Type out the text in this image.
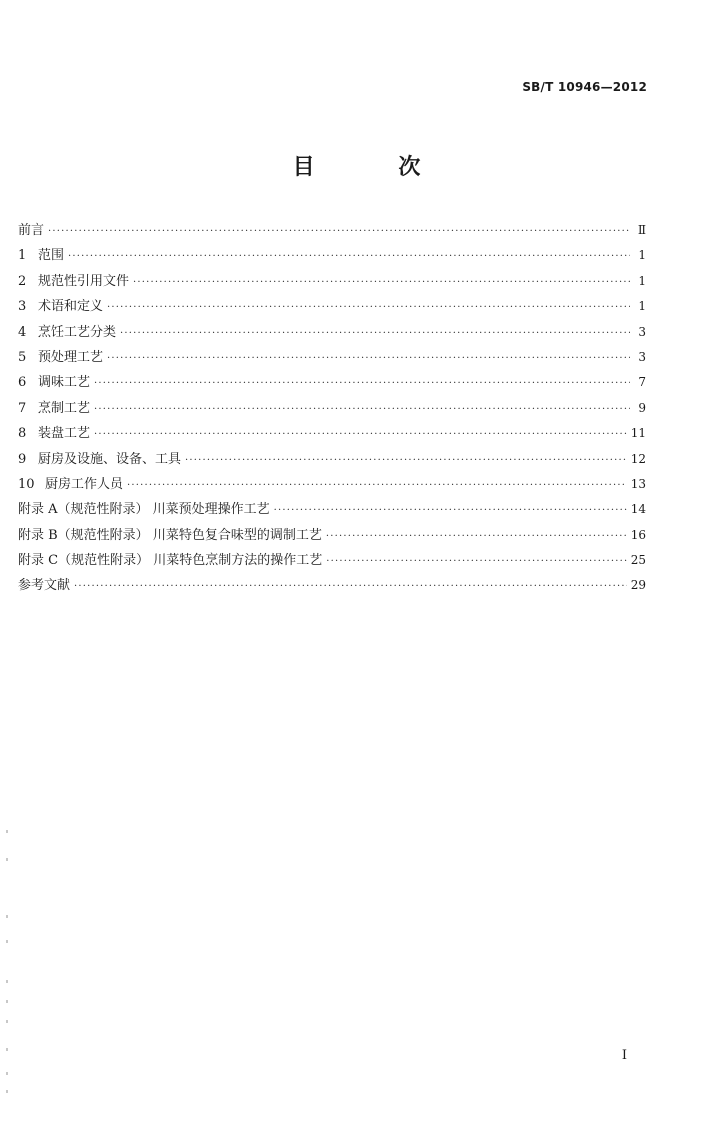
SB/T 10946—2012
目 次
前言 ·····	Ⅱ
1 范围 ·····	1
2 规范性引用文件 ·····	1
3 术语和定义 ·····	1
4 烹饪工艺分类 ·····	3
5 预处理工艺 ·····	3
6 调味工艺 ·····	7
7 烹制工艺 ·····	9
8 装盘工艺 ·····	11
9 厨房及设施、设备、工具 ·····	12
10 厨房工作人员 ·····	13
附录 A（规范性附录） 川菜预处理操作工艺 ·····	14
附录 B（规范性附录） 川菜特色复合味型的调制工艺 ·····	16
附录 C（规范性附录） 川菜特色烹制方法的操作工艺 ·····	25
参考文献 ·····	29
I
